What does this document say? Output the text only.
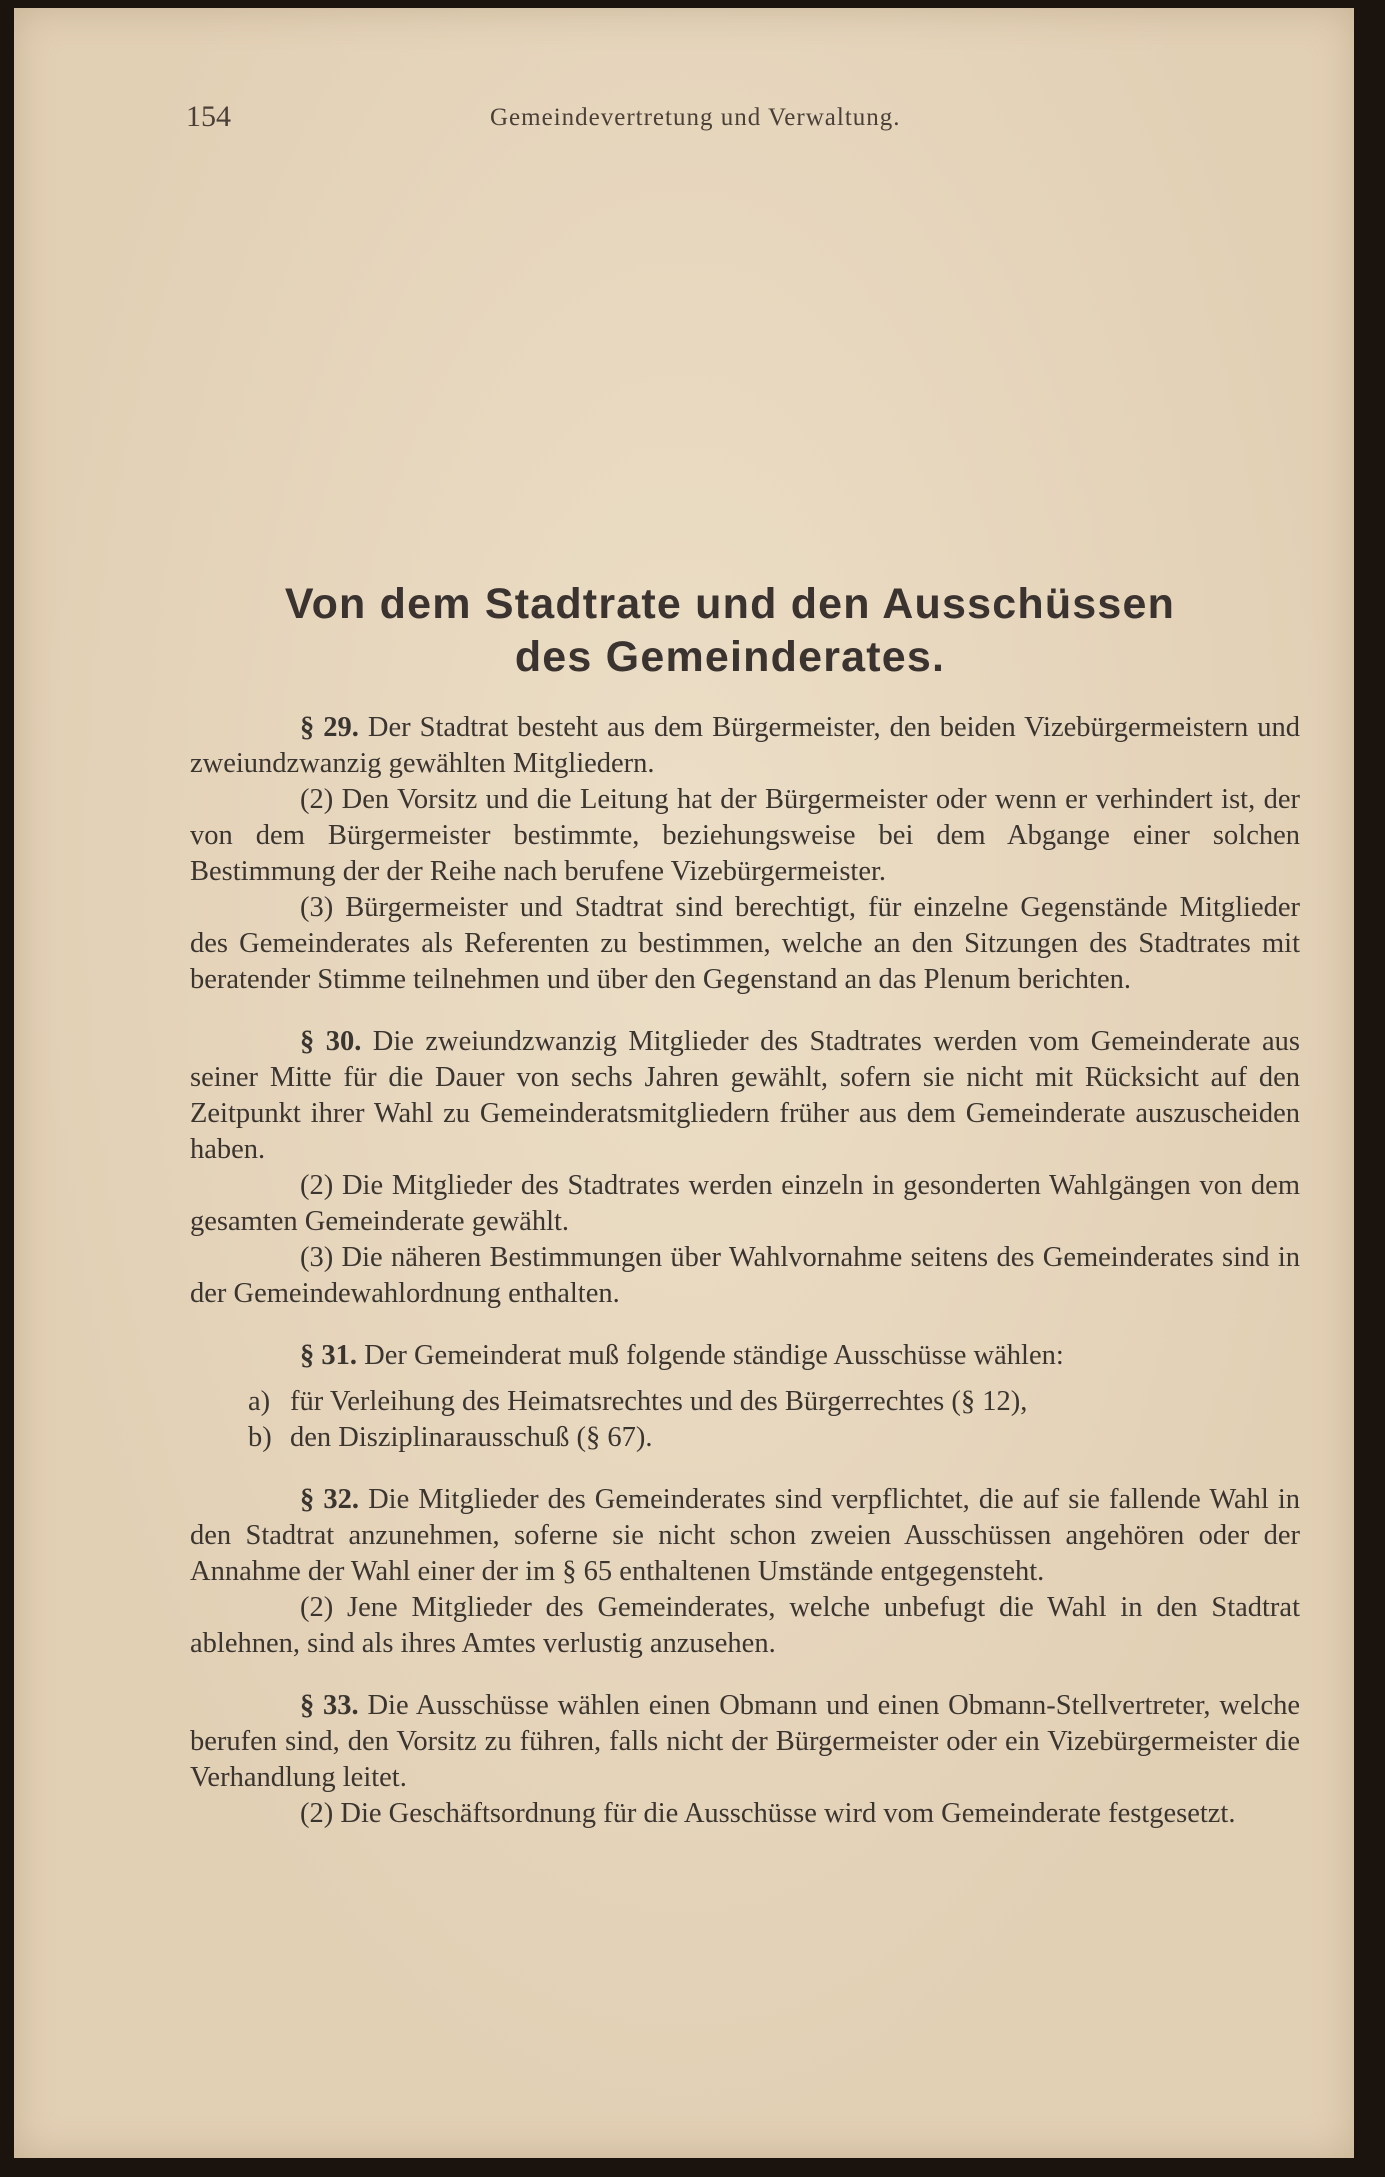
154	Gemeindevertretung und Verwaltung.
Von dem Stadtrate und den Ausschüssen
des Gemeinderates.

§ 29. Der Stadtrat besteht aus dem Bürgermeister, den beiden Vizebürgermeistern und zweiundzwanzig gewählten Mitgliedern.

(2) Den Vorsitz und die Leitung hat der Bürgermeister oder wenn er verhindert ist, der von dem Bürgermeister bestimmte, beziehungsweise bei dem Abgange einer solchen Bestimmung der der Reihe nach berufene Vizebürgermeister.

(3) Bürgermeister und Stadtrat sind berechtigt, für einzelne Gegenstände Mitglieder des Gemeinderates als Referenten zu bestimmen, welche an den Sitzungen des Stadtrates mit beratender Stimme teilnehmen und über den Gegenstand an das Plenum berichten.

§ 30. Die zweiundzwanzig Mitglieder des Stadtrates werden vom Gemeinderate aus seiner Mitte für die Dauer von sechs Jahren gewählt, sofern sie nicht mit Rücksicht auf den Zeitpunkt ihrer Wahl zu Gemeinderatsmitgliedern früher aus dem Gemeinderate auszuscheiden haben.

(2) Die Mitglieder des Stadtrates werden einzeln in gesonderten Wahlgängen von dem gesamten Gemeinderate gewählt.

(3) Die näheren Bestimmungen über Wahlvornahme seitens des Gemeinderates sind in der Gemeindewahlordnung enthalten.

§ 31. Der Gemeinderat muß folgende ständige Ausschüsse wählen:

a) für Verleihung des Heimatsrechtes und des Bürgerrechtes (§ 12),
b) den Disziplinarausschuß (§ 67).

§ 32. Die Mitglieder des Gemeinderates sind verpflichtet, die auf sie fallende Wahl in den Stadtrat anzunehmen, soferne sie nicht schon zweien Ausschüssen angehören oder der Annahme der Wahl einer der im § 65 enthaltenen Umstände entgegensteht.

(2) Jene Mitglieder des Gemeinderates, welche unbefugt die Wahl in den Stadtrat ablehnen, sind als ihres Amtes verlustig anzusehen.

§ 33. Die Ausschüsse wählen einen Obmann und einen Obmann-Stellvertreter, welche berufen sind, den Vorsitz zu führen, falls nicht der Bürgermeister oder ein Vizebürgermeister die Verhandlung leitet.

(2) Die Geschäftsordnung für die Ausschüsse wird vom Gemeinderate festgesetzt.
